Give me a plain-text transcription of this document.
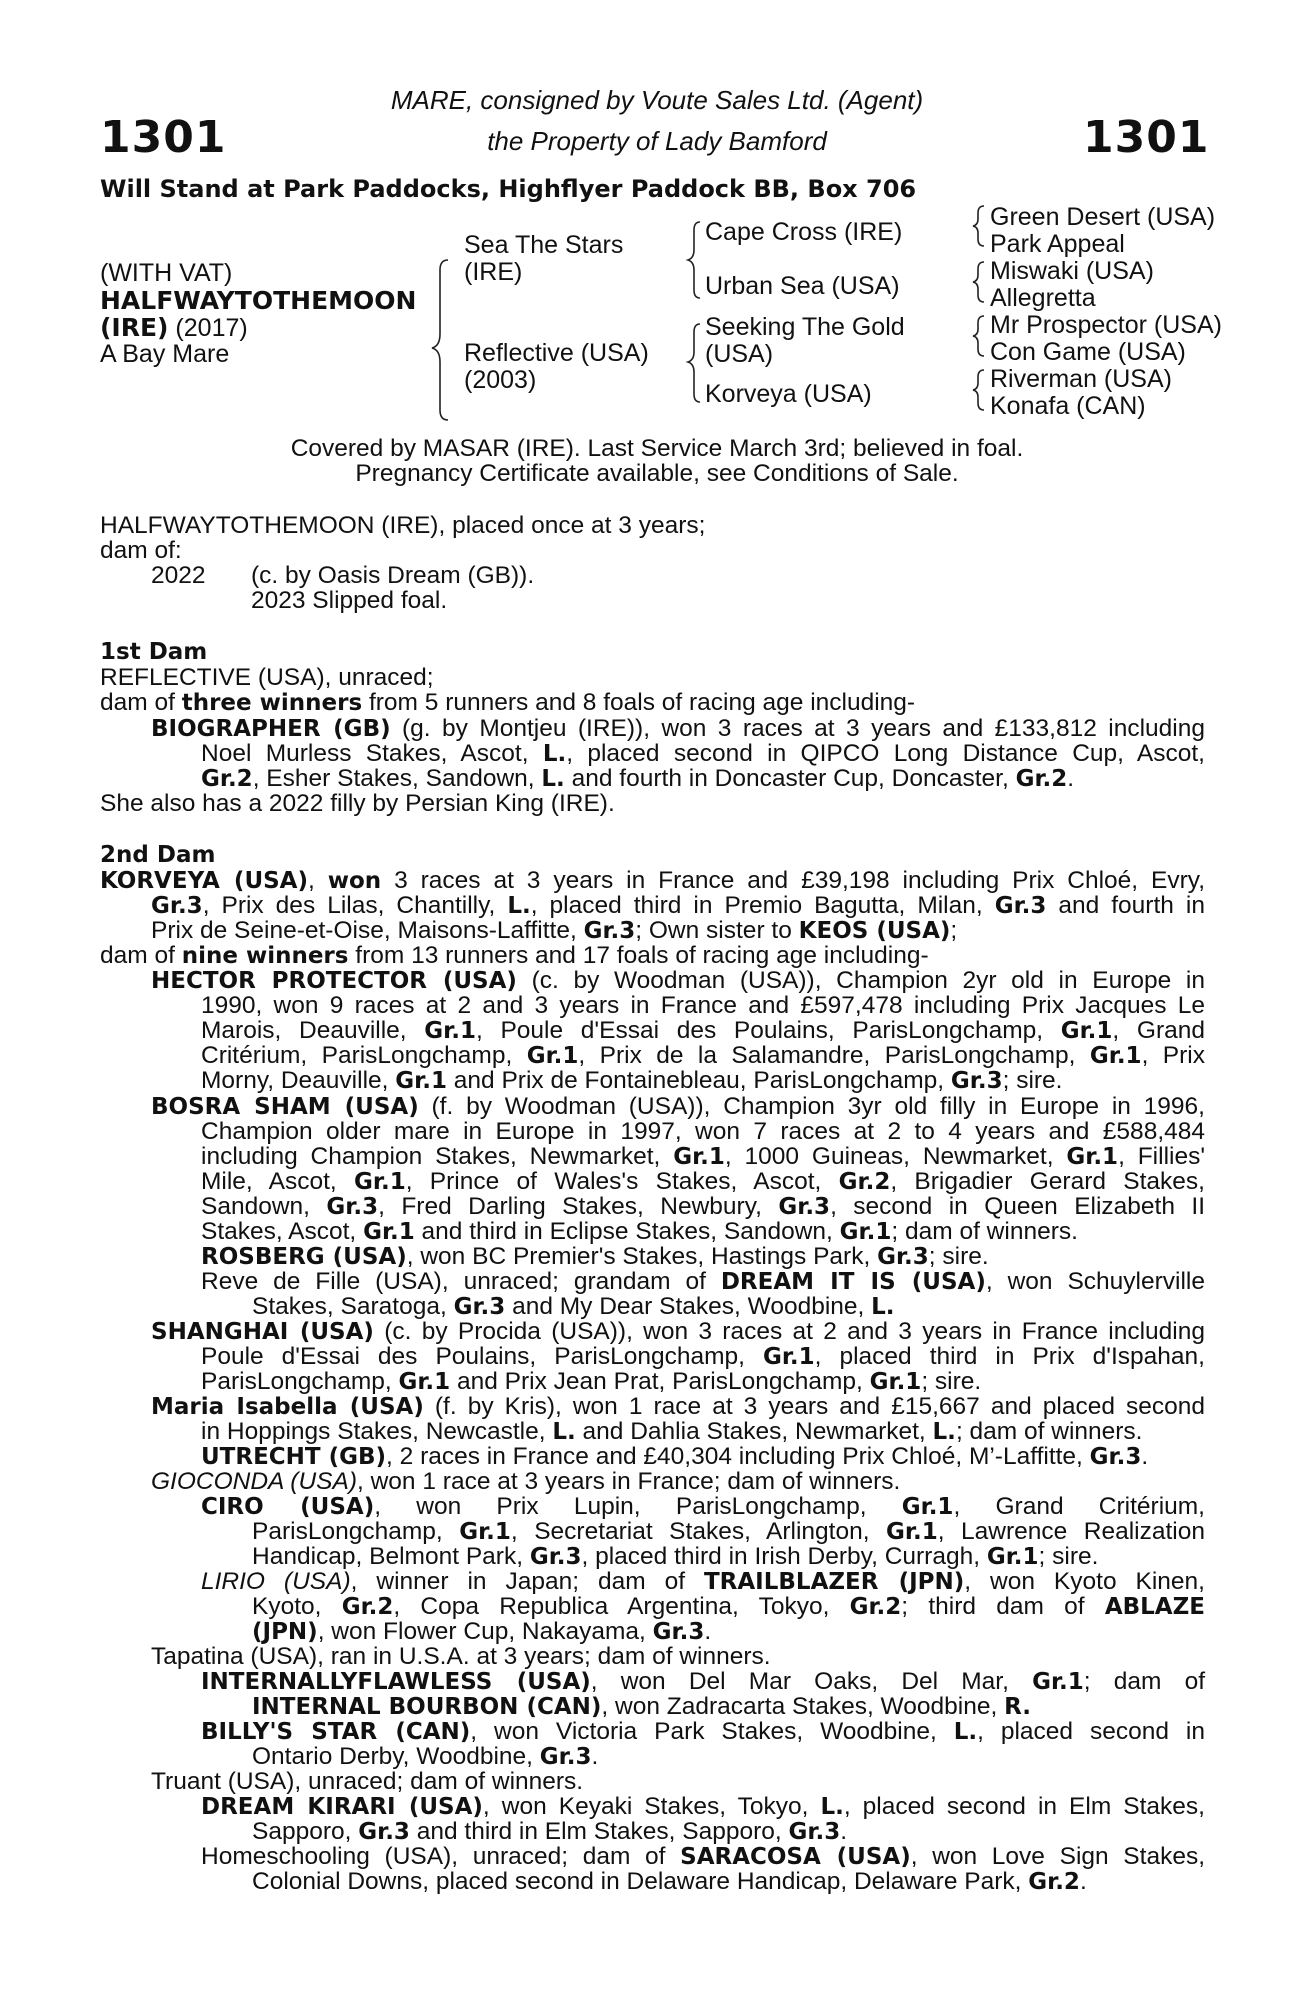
1301	1301
MARE, consigned by Voute Sales Ltd. (Agent)
the Property of Lady Bamford
Will Stand at Park Paddocks, Highflyer Paddock BB, Box 706
(WITH VAT)
HALFWAYTOTHEMOON
(IRE) (2017)
A Bay Mare
Sea The Stars
(IRE)
Reflective (USA)
(2003)
Cape Cross (IRE)
Urban Sea (USA)
Seeking The Gold
(USA)
Korveya (USA)
Green Desert (USA)
Park Appeal
Miswaki (USA)
Allegretta
Mr Prospector (USA)
Con Game (USA)
Riverman (USA)
Konafa (CAN)
Covered by MASAR (IRE). Last Service March 3rd; believed in foal.
Pregnancy Certificate available, see Conditions of Sale.
HALFWAYTOTHEMOON (IRE), placed once at 3 years;
dam of:
2022 (c. by Oasis Dream (GB)).
2023 Slipped foal.
1st Dam
REFLECTIVE (USA), unraced;
dam of three winners from 5 runners and 8 foals of racing age including-
BIOGRAPHER (GB) (g. by Montjeu (IRE)), won 3 races at 3 years and £133,812 including
Noel Murless Stakes, Ascot, L., placed second in QIPCO Long Distance Cup, Ascot,
Gr.2, Esher Stakes, Sandown, L. and fourth in Doncaster Cup, Doncaster, Gr.2.
She also has a 2022 filly by Persian King (IRE).
2nd Dam
KORVEYA (USA), won 3 races at 3 years in France and £39,198 including Prix Chloé, Evry,
Gr.3, Prix des Lilas, Chantilly, L., placed third in Premio Bagutta, Milan, Gr.3 and fourth in
Prix de Seine-et-Oise, Maisons-Laffitte, Gr.3; Own sister to KEOS (USA);
dam of nine winners from 13 runners and 17 foals of racing age including-
HECTOR PROTECTOR (USA) (c. by Woodman (USA)), Champion 2yr old in Europe in
1990, won 9 races at 2 and 3 years in France and £597,478 including Prix Jacques Le
Marois, Deauville, Gr.1, Poule d'Essai des Poulains, ParisLongchamp, Gr.1, Grand
Critérium, ParisLongchamp, Gr.1, Prix de la Salamandre, ParisLongchamp, Gr.1, Prix
Morny, Deauville, Gr.1 and Prix de Fontainebleau, ParisLongchamp, Gr.3; sire.
BOSRA SHAM (USA) (f. by Woodman (USA)), Champion 3yr old filly in Europe in 1996,
Champion older mare in Europe in 1997, won 7 races at 2 to 4 years and £588,484
including Champion Stakes, Newmarket, Gr.1, 1000 Guineas, Newmarket, Gr.1, Fillies'
Mile, Ascot, Gr.1, Prince of Wales's Stakes, Ascot, Gr.2, Brigadier Gerard Stakes,
Sandown, Gr.3, Fred Darling Stakes, Newbury, Gr.3, second in Queen Elizabeth II
Stakes, Ascot, Gr.1 and third in Eclipse Stakes, Sandown, Gr.1; dam of winners.
ROSBERG (USA), won BC Premier's Stakes, Hastings Park, Gr.3; sire.
Reve de Fille (USA), unraced; grandam of DREAM IT IS (USA), won Schuylerville
Stakes, Saratoga, Gr.3 and My Dear Stakes, Woodbine, L.
SHANGHAI (USA) (c. by Procida (USA)), won 3 races at 2 and 3 years in France including
Poule d'Essai des Poulains, ParisLongchamp, Gr.1, placed third in Prix d'Ispahan,
ParisLongchamp, Gr.1 and Prix Jean Prat, ParisLongchamp, Gr.1; sire.
Maria Isabella (USA) (f. by Kris), won 1 race at 3 years and £15,667 and placed second
in Hoppings Stakes, Newcastle, L. and Dahlia Stakes, Newmarket, L.; dam of winners.
UTRECHT (GB), 2 races in France and £40,304 including Prix Chloé, M’-Laffitte, Gr.3.
GIOCONDA (USA), won 1 race at 3 years in France; dam of winners.
CIRO (USA), won Prix Lupin, ParisLongchamp, Gr.1, Grand Critérium,
ParisLongchamp, Gr.1, Secretariat Stakes, Arlington, Gr.1, Lawrence Realization
Handicap, Belmont Park, Gr.3, placed third in Irish Derby, Curragh, Gr.1; sire.
LIRIO (USA), winner in Japan; dam of TRAILBLAZER (JPN), won Kyoto Kinen,
Kyoto, Gr.2, Copa Republica Argentina, Tokyo, Gr.2; third dam of ABLAZE
(JPN), won Flower Cup, Nakayama, Gr.3.
Tapatina (USA), ran in U.S.A. at 3 years; dam of winners.
INTERNALLYFLAWLESS (USA), won Del Mar Oaks, Del Mar, Gr.1; dam of
INTERNAL BOURBON (CAN), won Zadracarta Stakes, Woodbine, R.
BILLY'S STAR (CAN), won Victoria Park Stakes, Woodbine, L., placed second in
Ontario Derby, Woodbine, Gr.3.
Truant (USA), unraced; dam of winners.
DREAM KIRARI (USA), won Keyaki Stakes, Tokyo, L., placed second in Elm Stakes,
Sapporo, Gr.3 and third in Elm Stakes, Sapporo, Gr.3.
Homeschooling (USA), unraced; dam of SARACOSA (USA), won Love Sign Stakes,
Colonial Downs, placed second in Delaware Handicap, Delaware Park, Gr.2.
